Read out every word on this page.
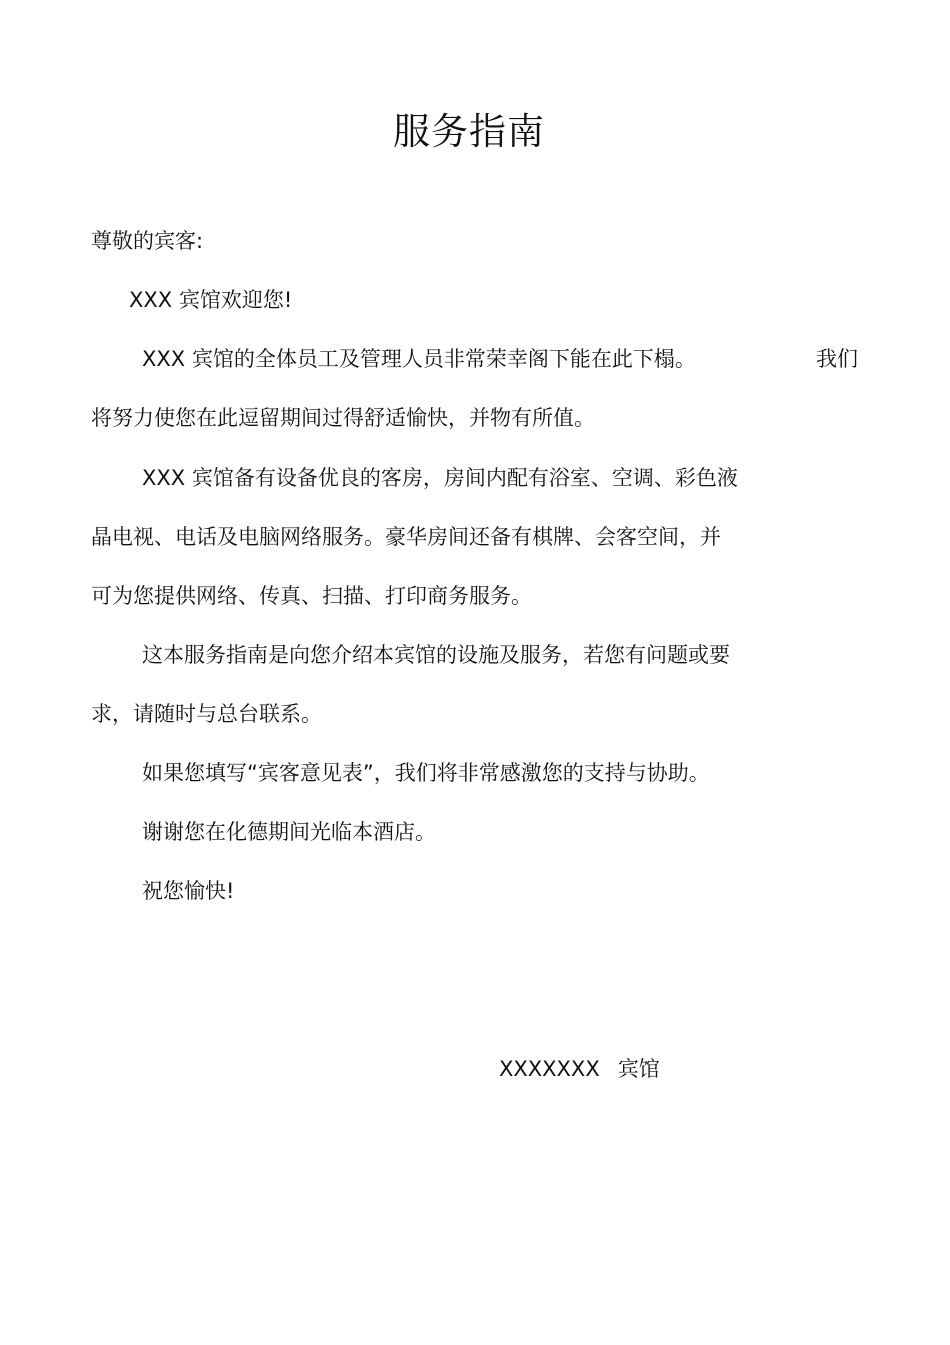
服务指南
尊敬的宾客:
XXX 宾馆欢迎您!
XXX 宾馆的全体员工及管理人员非常荣幸阁下能在此下榻。	我们
将努力使您在此逗留期间过得舒适愉快，并物有所值。
XXX 宾馆备有设备优良的客房，房间内配有浴室、空调、彩色液
晶电视、电话及电脑网络服务。豪华房间还备有棋牌、会客空间，并
可为您提供网络、传真、扫描、打印商务服务。
这本服务指南是向您介绍本宾馆的设施及服务，若您有问题或要
求，请随时与总台联系。
如果您填写“宾客意见表”，我们将非常感激您的支持与协助。
谢谢您在化德期间光临本酒店。
祝您愉快!
XXXXXXX 宾馆
